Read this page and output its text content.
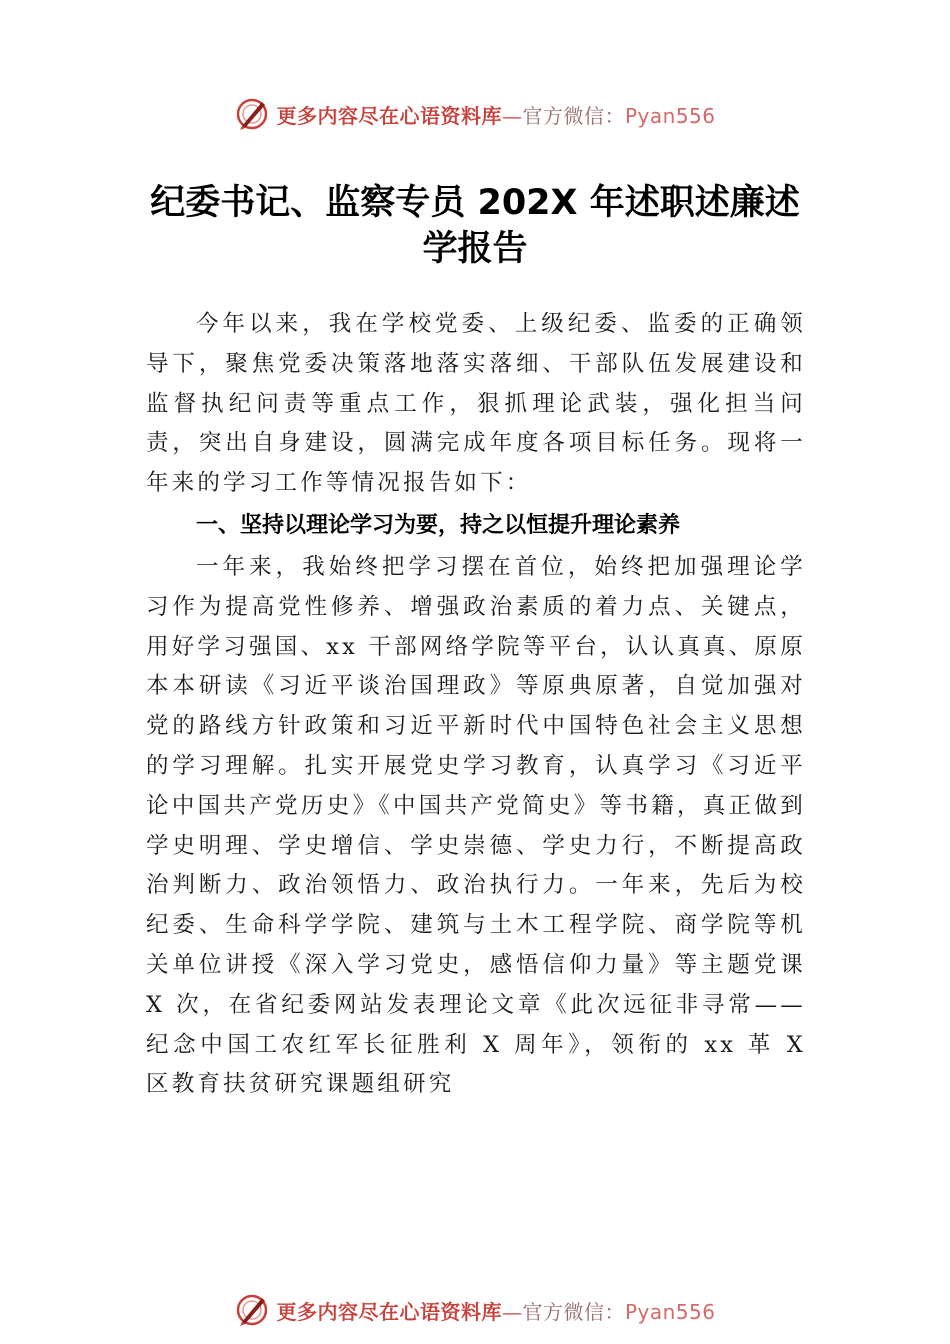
更多内容尽在心语资料库—官方微信：Pyan556
纪委书记、监察专员 202X 年述职述廉述
学报告

今年以来，我在学校党委、上级纪委、监委的正确领导下，聚焦党委决策落地落实落细、干部队伍发展建设和监督执纪问责等重点工作，狠抓理论武装，强化担当问责，突出自身建设，圆满完成年度各项目标任务。现将一年来的学习工作等情况报告如下：

一、坚持以理论学习为要，持之以恒提升理论素养

一年来，我始终把学习摆在首位，始终把加强理论学习作为提高党性修养、增强政治素质的着力点、关键点，用好学习强国、xx 干部网络学院等平台，认认真真、原原本本研读《习近平谈治国理政》等原典原著，自觉加强对党的路线方针政策和习近平新时代中国特色社会主义思想的学习理解。扎实开展党史学习教育，认真学习《习近平论中国共产党历史》《中国共产党简史》等书籍，真正做到学史明理、学史增信、学史崇德、学史力行，不断提高政治判断力、政治领悟力、政治执行力。一年来，先后为校纪委、生命科学学院、建筑与土木工程学院、商学院等机关单位讲授《深入学习党史，感悟信仰力量》等主题党课 X 次，在省纪委网站发表理论文章《此次远征非寻常——纪念中国工农红军长征胜利 X 周年》，领衔的 xx 革 X 区教育扶贫研究课题组研究

更多内容尽在心语资料库—官方微信：Pyan556
